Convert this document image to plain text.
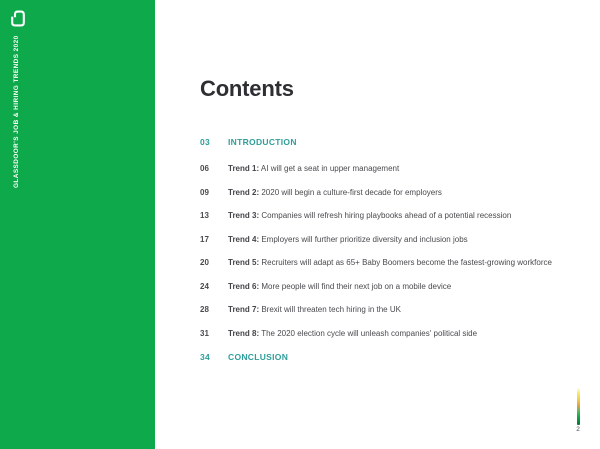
GLASSDOOR'S JOB & HIRING TRENDS 2020	Contents
03	INTRODUCTION
06	Trend 1: AI will get a seat in upper management
09	Trend 2: 2020 will begin a culture-first decade for employers
13	Trend 3: Companies will refresh hiring playbooks ahead of a potential recession
17	Trend 4: Employers will further prioritize diversity and inclusion jobs
20	Trend 5: Recruiters will adapt as 65+ Baby Boomers become the fastest-growing workforce
24	Trend 6: More people will find their next job on a mobile device
28	Trend 7: Brexit will threaten tech hiring in the UK
31	Trend 8: The 2020 election cycle will unleash companies' political side
34	CONCLUSION
2
